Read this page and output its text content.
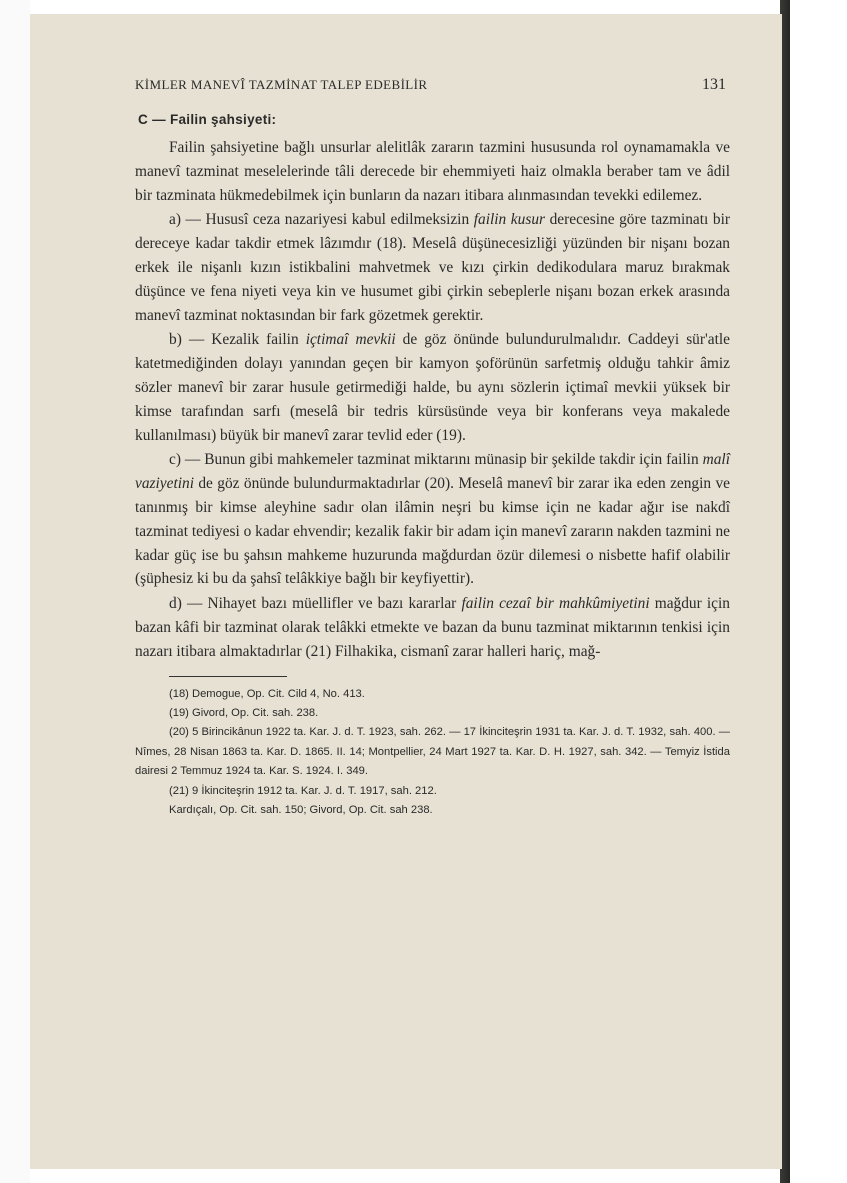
KİMLER MANEVÎ TAZMİNAT TALEP EDEBİLİR	131
C — Failin şahsiyeti:

Failin şahsiyetine bağlı unsurlar alelitlâk zararın tazmini hususunda rol oynamamakla ve manevî tazminat meselelerinde tâli derecede bir ehemmiyeti haiz olmakla beraber tam ve âdil bir tazminata hükmedebilmek için bunların da nazarı itibara alınmasından tevekki edilemez.

a) — Hususî ceza nazariyesi kabul edilmeksizin failin kusur derecesine göre tazminatı bir dereceye kadar takdir etmek lâzımdır (18). Meselâ düşünecesizliği yüzünden bir nişanı bozan erkek ile nişanlı kızın istikbalini mahvetmek ve kızı çirkin dedikodulara maruz bırakmak düşünce ve fena niyeti veya kin ve husumet gibi çirkin sebeplerle nişanı bozan erkek arasında manevî tazminat noktasından bir fark gözetmek gerektir.

b) — Kezalik failin içtimaî mevkii de göz önünde bulundurulmalıdır. Caddeyi sür'atle katetmediğinden dolayı yanından geçen bir kamyon şoförünün sarfetmiş olduğu tahkir âmiz sözler manevî bir zarar husule getirmediği halde, bu aynı sözlerin içtimaî mevkii yüksek bir kimse tarafından sarfı (meselâ bir tedris kürsüsünde veya bir konferans veya makalede kullanılması) büyük bir manevî zarar tevlid eder (19).

c) — Bunun gibi mahkemeler tazminat miktarını münasip bir şekilde takdir için failin malî vaziyetini de göz önünde bulundurmaktadırlar (20). Meselâ manevî bir zarar ika eden zengin ve tanınmış bir kimse aleyhine sadır olan ilâmin neşri bu kimse için ne kadar ağır ise nakdî tazminat tediyesi o kadar ehvendir; kezalik fakir bir adam için manevî zararın nakden tazmini ne kadar güç ise bu şahsın mahkeme huzurunda mağdurdan özür dilemesi o nisbette hafif olabilir (şüphesiz ki bu da şahsî telâkkiye bağlı bir keyfiyettir).

d) — Nihayet bazı müellifler ve bazı kararlar failin cezaî bir mahkûmiyetini mağdur için bazan kâfi bir tazminat olarak telâkki etmekte ve bazan da bunu tazminat miktarının tenkisi için nazarı itibara almaktadırlar (21) Filhakika, cismanî zarar halleri hariç, mağ-

(18) Demogue, Op. Cit. Cild 4, No. 413.

(19) Givord, Op. Cit. sah. 238.

(20) 5 Birincikânun 1922 ta. Kar. J. d. T. 1923, sah. 262. — 17 İkinciteşrin 1931 ta. Kar. J. d. T. 1932, sah. 400. — Nîmes, 28 Nisan 1863 ta. Kar. D. 1865. II. 14; Montpellier, 24 Mart 1927 ta. Kar. D. H. 1927, sah. 342. — Temyiz İstida dairesi 2 Temmuz 1924 ta. Kar. S. 1924. I. 349.

(21) 9 İkinciteşrin 1912 ta. Kar. J. d. T. 1917, sah. 212.

Kardıçalı, Op. Cit. sah. 150; Givord, Op. Cit. sah 238.
